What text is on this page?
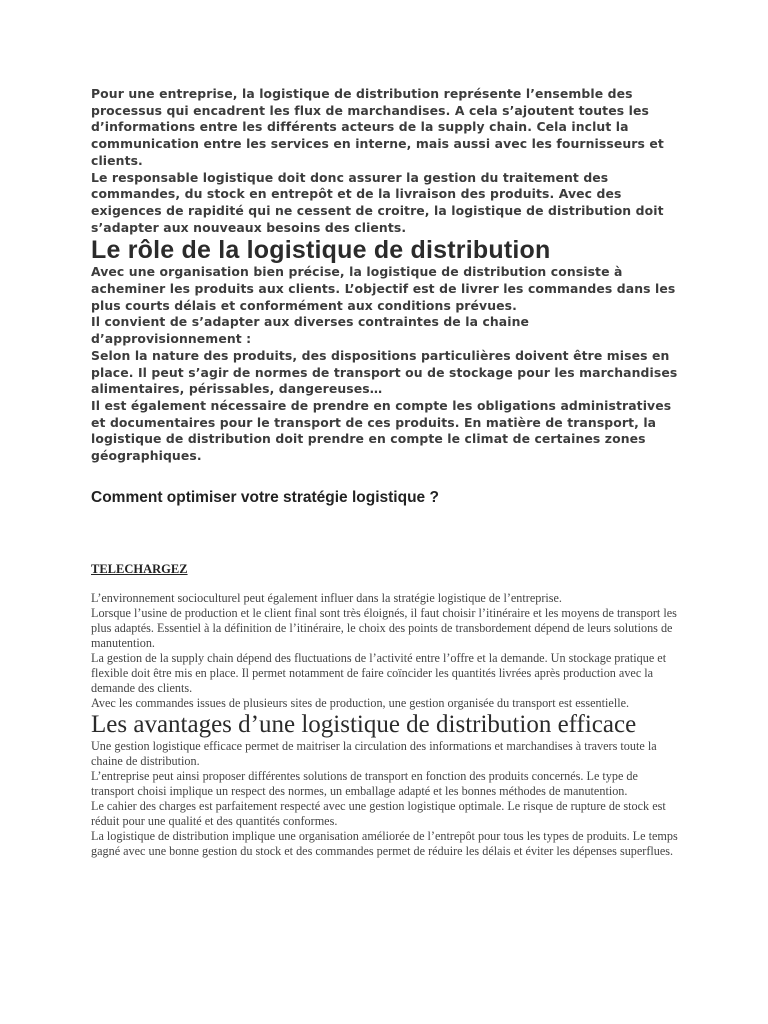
Pour une entreprise, la logistique de distribution représente l’ensemble des processus qui encadrent les flux de marchandises. A cela s’ajoutent toutes les d’informations entre les différents acteurs de la supply chain. Cela inclut la communication entre les services en interne, mais aussi avec les fournisseurs et clients.

Le responsable logistique doit donc assurer la gestion du traitement des commandes, du stock en entrepôt et de la livraison des produits. Avec des exigences de rapidité qui ne cessent de croitre, la logistique de distribution doit s’adapter aux nouveaux besoins des clients.

Le rôle de la logistique de distribution

Avec une organisation bien précise, la logistique de distribution consiste à acheminer les produits aux clients. L’objectif est de livrer les commandes dans les plus courts délais et conformément aux conditions prévues.

Il convient de s’adapter aux diverses contraintes de la chaine d’approvisionnement :

Selon la nature des produits, des dispositions particulières doivent être mises en place. Il peut s’agir de normes de transport ou de stockage pour les marchandises alimentaires, périssables, dangereuses…

Il est également nécessaire de prendre en compte les obligations administratives et documentaires pour le transport de ces produits. En matière de transport, la logistique de distribution doit prendre en compte le climat de certaines zones géographiques.

Comment optimiser votre stratégie logistique ?
TELECHARGEZ

L’environnement socioculturel peut également influer dans la stratégie logistique de l’entreprise.

Lorsque l’usine de production et le client final sont très éloignés, il faut choisir l’itinéraire et les moyens de transport les plus adaptés. Essentiel à la définition de l’itinéraire, le choix des points de transbordement dépend de leurs solutions de manutention.

La gestion de la supply chain dépend des fluctuations de l’activité entre l’offre et la demande. Un stockage pratique et flexible doit être mis en place. Il permet notamment de faire coïncider les quantités livrées après production avec la demande des clients.

Avec les commandes issues de plusieurs sites de production, une gestion organisée du transport est essentielle.

Les avantages d’une logistique de distribution efficace

Une gestion logistique efficace permet de maitriser la circulation des informations et marchandises à travers toute la chaine de distribution.

L’entreprise peut ainsi proposer différentes solutions de transport en fonction des produits concernés. Le type de transport choisi implique un respect des normes, un emballage adapté et les bonnes méthodes de manutention.

Le cahier des charges est parfaitement respecté avec une gestion logistique optimale. Le risque de rupture de stock est réduit pour une qualité et des quantités conformes.

La logistique de distribution implique une organisation améliorée de l’entrepôt pour tous les types de produits. Le temps gagné avec une bonne gestion du stock et des commandes permet de réduire les délais et éviter les dépenses superflues.
